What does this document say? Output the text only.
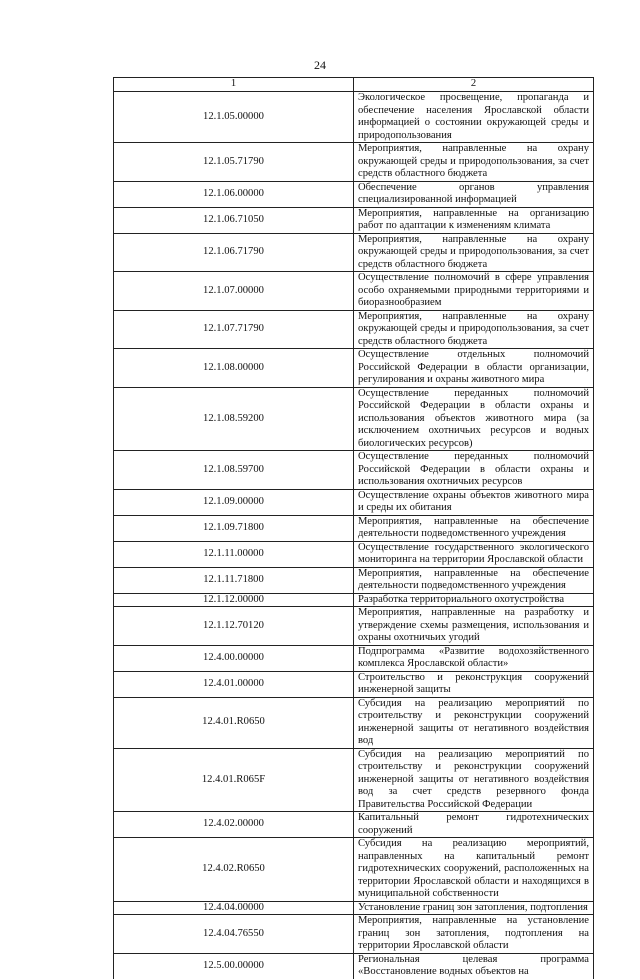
24
1	2
12.1.05.00000	Экологическое просвещение, пропаганда и обеспечение населения Ярославской области информацией о состоянии окружающей среды и природопользования
12.1.05.71790	Мероприятия, направленные на охрану окружающей среды и природопользования, за счет средств областного бюджета
12.1.06.00000	Обеспечение органов управления специализированной информацией
12.1.06.71050	Мероприятия, направленные на организацию работ по адаптации к изменениям климата
12.1.06.71790	Мероприятия, направленные на охрану окружающей среды и природопользования, за счет средств областного бюджета
12.1.07.00000	Осуществление полномочий в сфере управления особо охраняемыми природными территориями и биоразнообразием
12.1.07.71790	Мероприятия, направленные на охрану окружающей среды и природопользования, за счет средств областного бюджета
12.1.08.00000	Осуществление отдельных полномочий Российской Федерации в области организации, регулирования и охраны животного мира
12.1.08.59200	Осуществление переданных полномочий Российской Федерации в области охраны и использования объектов животного мира (за исключением охотничьих ресурсов и водных биологических ресурсов)
12.1.08.59700	Осуществление переданных полномочий Российской Федерации в области охраны и использования охотничьих ресурсов
12.1.09.00000	Осуществление охраны объектов животного мира и среды их обитания
12.1.09.71800	Мероприятия, направленные на обеспечение деятельности подведомственного учреждения
12.1.11.00000	Осуществление государственного экологического мониторинга на территории Ярославской области
12.1.11.71800	Мероприятия, направленные на обеспечение деятельности подведомственного учреждения
12.1.12.00000	Разработка территориального охотустройства
12.1.12.70120	Мероприятия, направленные на разработку и утверждение схемы размещения, использования и охраны охотничьих угодий
12.4.00.00000	Подпрограмма «Развитие водохозяйственного комплекса Ярославской области»
12.4.01.00000	Строительство и реконструкция сооружений инженерной защиты
12.4.01.R0650	Субсидия на реализацию мероприятий по строительству и реконструкции сооружений инженерной защиты от негативного воздействия вод
12.4.01.R065F	Субсидия на реализацию мероприятий по строительству и реконструкции сооружений инженерной защиты от негативного воздействия вод за счет средств резервного фонда Правительства Российской Федерации
12.4.02.00000	Капитальный ремонт гидротехнических сооружений
12.4.02.R0650	Субсидия на реализацию мероприятий, направленных на капитальный ремонт гидротехнических сооружений, расположенных на территории Ярославской области и находящихся в муниципальной собственности
12.4.04.00000	Установление границ зон затопления, подтопления
12.4.04.76550	Мероприятия, направленные на установление границ зон затопления, подтопления на территории Ярославской области
12.5.00.00000	Региональная целевая программа «Восстановление водных объектов на
